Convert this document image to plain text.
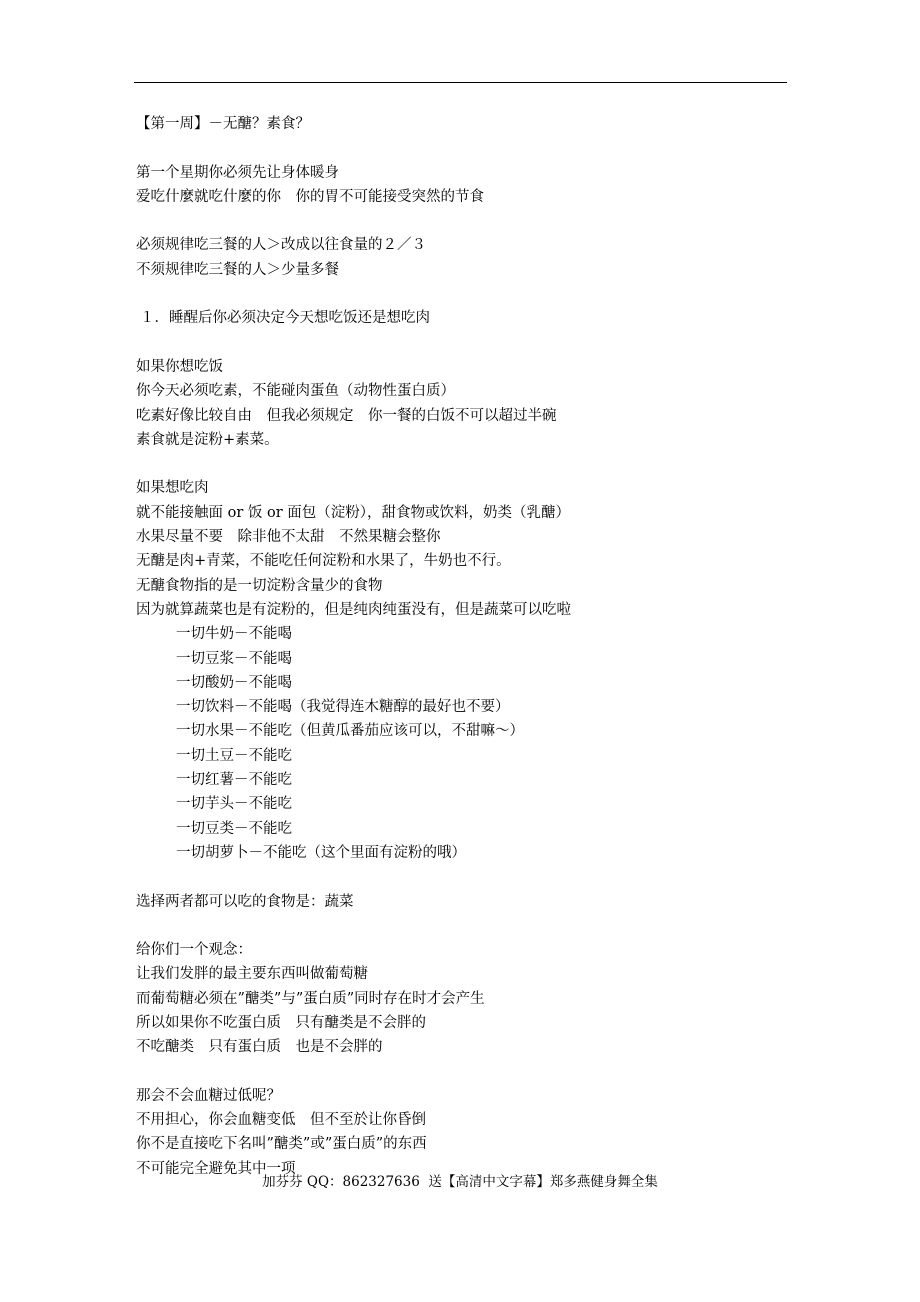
【第一周】－无醣？素食？
第一个星期你必须先让身体暖身
爱吃什麼就吃什麼的你　你的胃不可能接受突然的节食
必须规律吃三餐的人＞改成以往食量的２／３
不须规律吃三餐的人＞少量多餐
１．睡醒后你必须决定今天想吃饭还是想吃肉
如果你想吃饭
你今天必须吃素，不能碰肉蛋鱼（动物性蛋白质）
吃素好像比较自由　但我必须规定　你一餐的白饭不可以超过半碗
素食就是淀粉+素菜。
如果想吃肉
就不能接触面 or 饭 or 面包（淀粉），甜食物或饮料，奶类（乳醣）
水果尽量不要　除非他不太甜　不然果糖会整你
无醣是肉+青菜，不能吃任何淀粉和水果了，牛奶也不行。
无醣食物指的是一切淀粉含量少的食物
因为就算蔬菜也是有淀粉的，但是纯肉纯蛋没有，但是蔬菜可以吃啦
一切牛奶－不能喝
一切豆浆－不能喝
一切酸奶－不能喝
一切饮料－不能喝（我觉得连木糖醇的最好也不要）
一切水果－不能吃（但黄瓜番茄应该可以，不甜嘛～）
一切土豆－不能吃
一切红薯－不能吃
一切芋头－不能吃
一切豆类－不能吃
一切胡萝卜－不能吃（这个里面有淀粉的哦）
选择两者都可以吃的食物是：蔬菜
给你们一个观念：
让我们发胖的最主要东西叫做葡萄糖
而葡萄糖必须在”醣类”与”蛋白质”同时存在时才会产生
所以如果你不吃蛋白质　只有醣类是不会胖的
不吃醣类　只有蛋白质　也是不会胖的
那会不会血糖过低呢？
不用担心，你会血糖变低　但不至於让你昏倒
你不是直接吃下名叫”醣类”或”蛋白质”的东西
不可能完全避免其中一项
加芬芬 QQ：862327636  送【高清中文字幕】郑多燕健身舞全集
